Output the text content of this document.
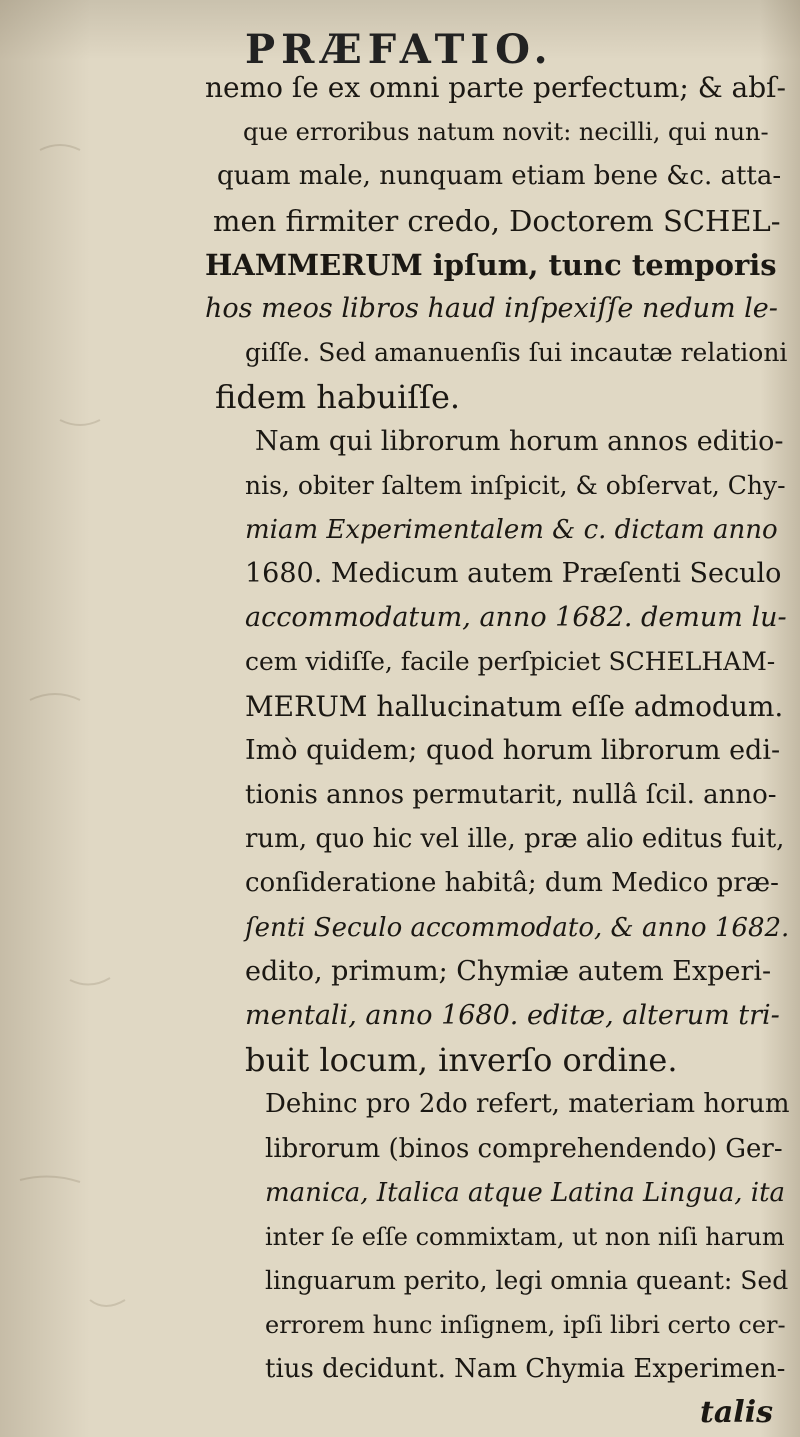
PRÆFATIO.
nemo ſe ex omni parte perfectum; & abſ-
que erroribus natum novit: necilli, qui nun-
quam male, nunquam etiam bene &c. atta-
men firmiter credo, Doctorem SCHEL-
HAMMERUM ipſum, tunc temporis
hos meos libros haud inſpexiſſe nedum le-
giſſe. Sed amanuenſis ſui incautæ relationi
fidem habuiſſe.
Nam qui librorum horum annos editio-
nis, obiter ſaltem inſpicit, & obſervat, Chy-
miam Experimentalem & c. dictam anno
1680. Medicum autem Præſenti Seculo
accommodatum, anno 1682. demum lu-
cem vidiſſe, facile perſpiciet SCHELHAM-
MERUM hallucinatum eſſe admodum.
Imò quidem; quod horum librorum edi-
tionis annos permutarit, nullâ ſcil. anno-
rum, quo hic vel ille, præ alio editus fuit,
conſideratione habitâ; dum Medico præ-
ſenti Seculo accommodato, & anno 1682.
edito, primum; Chymiæ autem Experi-
mentali, anno 1680. editæ, alterum tri-
buit locum, inverſo ordine.
Dehinc pro 2do refert, materiam horum
librorum (binos comprehendendo) Ger-
manica, Italica atque Latina Lingua, ita
inter ſe eſſe commixtam, ut non niſi harum
linguarum perito, legi omnia queant: Sed
errorem hunc inſignem, ipſi libri certo cer-
tius decidunt. Nam Chymia Experimen-
talis
